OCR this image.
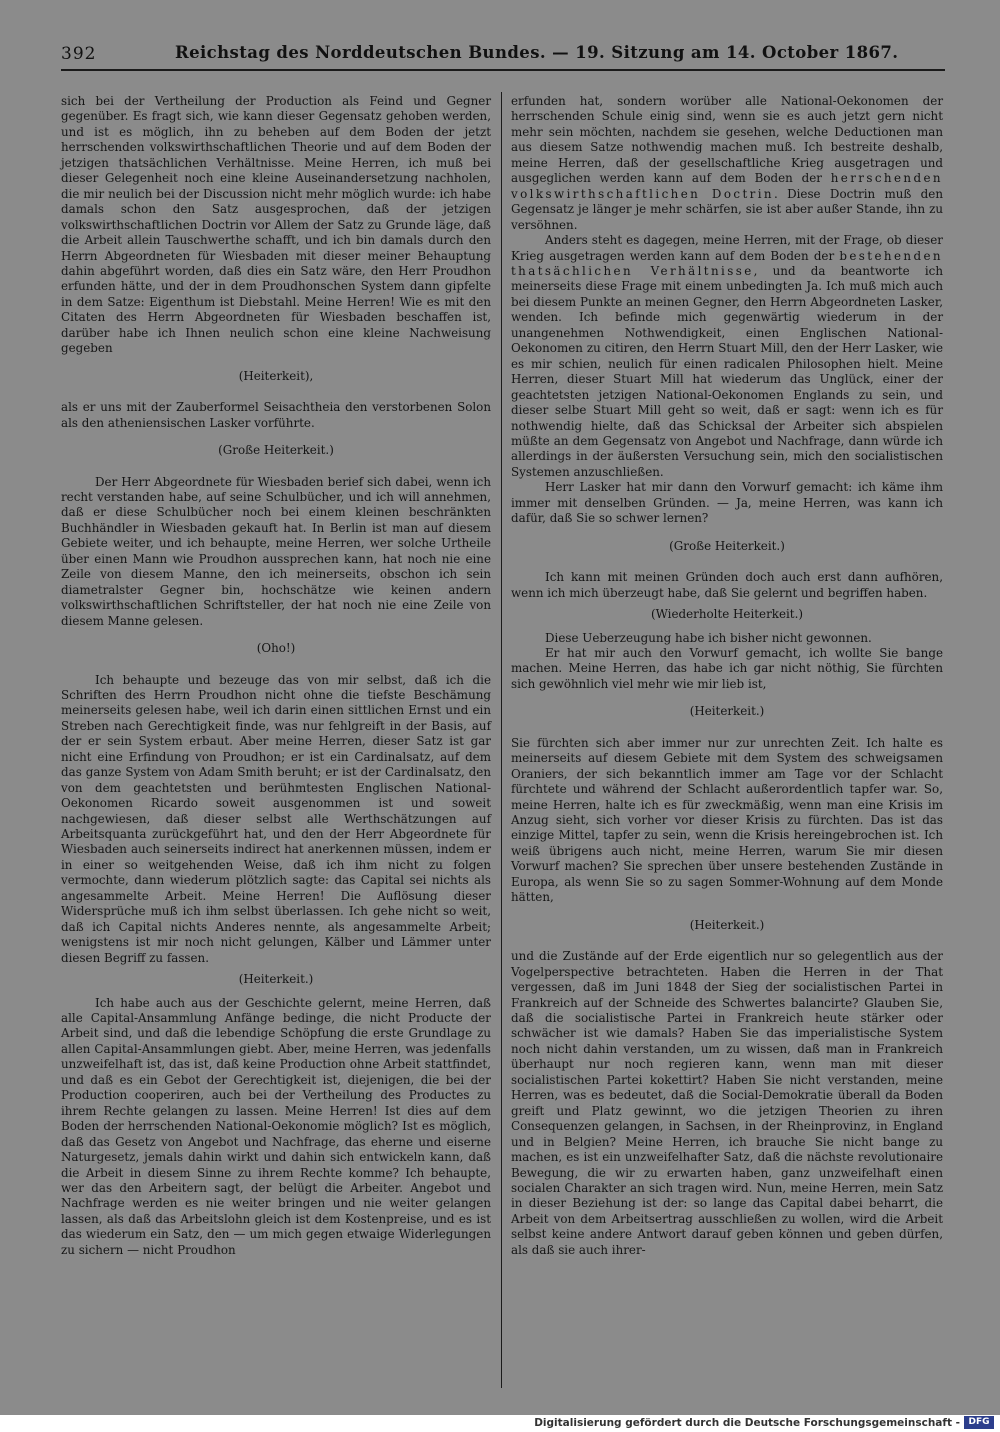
392	Reichstag des Norddeutschen Bundes. — 19. Sitzung am 14. October 1867.

sich bei der Vertheilung der Production als Feind und Gegner gegenüber. Es fragt sich, wie kann dieser Gegensatz gehoben werden, und ist es möglich, ihn zu beheben auf dem Boden der jetzt herrschenden volkswirthschaftlichen Theorie und auf dem Boden der jetzigen thatsächlichen Verhältnisse. Meine Herren, ich muß bei dieser Gelegenheit noch eine kleine Auseinandersetzung nachholen, die mir neulich bei der Discussion nicht mehr möglich wurde: ich habe damals schon den Satz ausgesprochen, daß der jetzigen volkswirthschaftlichen Doctrin vor Allem der Satz zu Grunde läge, daß die Arbeit allein Tauschwerthe schafft, und ich bin damals durch den Herrn Abgeordneten für Wiesbaden mit dieser meiner Behauptung dahin abgeführt worden, daß dies ein Satz wäre, den Herr Proudhon erfunden hätte, und der in dem Proudhonschen System dann gipfelte in dem Satze: Eigenthum ist Diebstahl. Meine Herren! Wie es mit den Citaten des Herrn Abgeordneten für Wiesbaden beschaffen ist, darüber habe ich Ihnen neulich schon eine kleine Nachweisung gegeben

(Heiterkeit),

als er uns mit der Zauberformel Seisachtheia den verstorbenen Solon als den atheniensischen Lasker vorführte.

(Große Heiterkeit.)

Der Herr Abgeordnete für Wiesbaden berief sich dabei, wenn ich recht verstanden habe, auf seine Schulbücher, und ich will annehmen, daß er diese Schulbücher noch bei einem kleinen beschränkten Buchhändler in Wiesbaden gekauft hat. In Berlin ist man auf diesem Gebiete weiter, und ich behaupte, meine Herren, wer solche Urtheile über einen Mann wie Proudhon aussprechen kann, hat noch nie eine Zeile von diesem Manne, den ich meinerseits, obschon ich sein diametralster Gegner bin, hochschätze wie keinen andern volkswirthschaftlichen Schriftsteller, der hat noch nie eine Zeile von diesem Manne gelesen.

(Oho!)

Ich behaupte und bezeuge das von mir selbst, daß ich die Schriften des Herrn Proudhon nicht ohne die tiefste Beschämung meinerseits gelesen habe, weil ich darin einen sittlichen Ernst und ein Streben nach Gerechtigkeit finde, was nur fehlgreift in der Basis, auf der er sein System erbaut. Aber meine Herren, dieser Satz ist gar nicht eine Erfindung von Proudhon; er ist ein Cardinalsatz, auf dem das ganze System von Adam Smith beruht; er ist der Cardinalsatz, den von dem geachtetsten und berühmtesten Englischen National-Oekonomen Ricardo soweit ausgenommen ist und soweit nachgewiesen, daß dieser selbst alle Werthschätzungen auf Arbeitsquanta zurückgeführt hat, und den der Herr Abgeordnete für Wiesbaden auch seinerseits indirect hat anerkennen müssen, indem er in einer so weitgehenden Weise, daß ich ihm nicht zu folgen vermochte, dann wiederum plötzlich sagte: das Capital sei nichts als angesammelte Arbeit. Meine Herren! Die Auflösung dieser Widersprüche muß ich ihm selbst überlassen. Ich gehe nicht so weit, daß ich Capital nichts Anderes nennte, als angesammelte Arbeit; wenigstens ist mir noch nicht gelungen, Kälber und Lämmer unter diesen Begriff zu fassen.

(Heiterkeit.)

Ich habe auch aus der Geschichte gelernt, meine Herren, daß alle Capital-Ansammlung Anfänge bedinge, die nicht Producte der Arbeit sind, und daß die lebendige Schöpfung die erste Grundlage zu allen Capital-Ansammlungen giebt. Aber, meine Herren, was jedenfalls unzweifelhaft ist, das ist, daß keine Production ohne Arbeit stattfindet, und daß es ein Gebot der Gerechtigkeit ist, diejenigen, die bei der Production cooperiren, auch bei der Vertheilung des Productes zu ihrem Rechte gelangen zu lassen. Meine Herren! Ist dies auf dem Boden der herrschenden National-Oekonomie möglich? Ist es möglich, daß das Gesetz von Angebot und Nachfrage, das eherne und eiserne Naturgesetz, jemals dahin wirkt und dahin sich entwickeln kann, daß die Arbeit in diesem Sinne zu ihrem Rechte komme? Ich behaupte, wer das den Arbeitern sagt, der belügt die Arbeiter. Angebot und Nachfrage werden es nie weiter bringen und nie weiter gelangen lassen, als daß das Arbeitslohn gleich ist dem Kostenpreise, und es ist das wiederum ein Satz, den — um mich gegen etwaige Widerlegungen zu sichern — nicht Proudhon

erfunden hat, sondern worüber alle National-Oekonomen der herrschenden Schule einig sind, wenn sie es auch jetzt gern nicht mehr sein möchten, nachdem sie gesehen, welche Deductionen man aus diesem Satze nothwendig machen muß. Ich bestreite deshalb, meine Herren, daß der gesellschaftliche Krieg ausgetragen und ausgeglichen werden kann auf dem Boden der herrschenden volkswirthschaftlichen Doctrin. Diese Doctrin muß den Gegensatz je länger je mehr schärfen, sie ist aber außer Stande, ihn zu versöhnen.

Anders steht es dagegen, meine Herren, mit der Frage, ob dieser Krieg ausgetragen werden kann auf dem Boden der bestehenden thatsächlichen Verhältnisse, und da beantworte ich meinerseits diese Frage mit einem unbedingten Ja. Ich muß mich auch bei diesem Punkte an meinen Gegner, den Herrn Abgeordneten Lasker, wenden. Ich befinde mich gegenwärtig wiederum in der unangenehmen Nothwendigkeit, einen Englischen National-Oekonomen zu citiren, den Herrn Stuart Mill, den der Herr Lasker, wie es mir schien, neulich für einen radicalen Philosophen hielt. Meine Herren, dieser Stuart Mill hat wiederum das Unglück, einer der geachtetsten jetzigen National-Oekonomen Englands zu sein, und dieser selbe Stuart Mill geht so weit, daß er sagt: wenn ich es für nothwendig hielte, daß das Schicksal der Arbeiter sich abspielen müßte an dem Gegensatz von Angebot und Nachfrage, dann würde ich allerdings in der äußersten Versuchung sein, mich den socialistischen Systemen anzuschließen.

Herr Lasker hat mir dann den Vorwurf gemacht: ich käme ihm immer mit denselben Gründen. — Ja, meine Herren, was kann ich dafür, daß Sie so schwer lernen?

(Große Heiterkeit.)

Ich kann mit meinen Gründen doch auch erst dann aufhören, wenn ich mich überzeugt habe, daß Sie gelernt und begriffen haben.

(Wiederholte Heiterkeit.)

Diese Ueberzeugung habe ich bisher nicht gewonnen.

Er hat mir auch den Vorwurf gemacht, ich wollte Sie bange machen. Meine Herren, das habe ich gar nicht nöthig, Sie fürchten sich gewöhnlich viel mehr wie mir lieb ist,

(Heiterkeit.)

Sie fürchten sich aber immer nur zur unrechten Zeit. Ich halte es meinerseits auf diesem Gebiete mit dem System des schweigsamen Oraniers, der sich bekanntlich immer am Tage vor der Schlacht fürchtete und während der Schlacht außerordentlich tapfer war. So, meine Herren, halte ich es für zweckmäßig, wenn man eine Krisis im Anzug sieht, sich vorher vor dieser Krisis zu fürchten. Das ist das einzige Mittel, tapfer zu sein, wenn die Krisis hereingebrochen ist. Ich weiß übrigens auch nicht, meine Herren, warum Sie mir diesen Vorwurf machen? Sie sprechen über unsere bestehenden Zustände in Europa, als wenn Sie so zu sagen Sommer-Wohnung auf dem Monde hätten,

(Heiterkeit.)

und die Zustände auf der Erde eigentlich nur so gelegentlich aus der Vogelperspective betrachteten. Haben die Herren in der That vergessen, daß im Juni 1848 der Sieg der socialistischen Partei in Frankreich auf der Schneide des Schwertes balancirte? Glauben Sie, daß die socialistische Partei in Frankreich heute stärker oder schwächer ist wie damals? Haben Sie das imperialistische System noch nicht dahin verstanden, um zu wissen, daß man in Frankreich überhaupt nur noch regieren kann, wenn man mit dieser socialistischen Partei kokettirt? Haben Sie nicht verstanden, meine Herren, was es bedeutet, daß die Social-Demokratie überall da Boden greift und Platz gewinnt, wo die jetzigen Theorien zu ihren Consequenzen gelangen, in Sachsen, in der Rheinprovinz, in England und in Belgien? Meine Herren, ich brauche Sie nicht bange zu machen, es ist ein unzweifelhafter Satz, daß die nächste revolutionaire Bewegung, die wir zu erwarten haben, ganz unzweifelhaft einen socialen Charakter an sich tragen wird. Nun, meine Herren, mein Satz in dieser Beziehung ist der: so lange das Capital dabei beharrt, die Arbeit von dem Arbeitsertrag ausschließen zu wollen, wird die Arbeit selbst keine andere Antwort darauf geben können und geben dürfen, als daß sie auch ihrer-

Digitalisierung gefördert durch die Deutsche Forschungsgemeinschaft - DFG
